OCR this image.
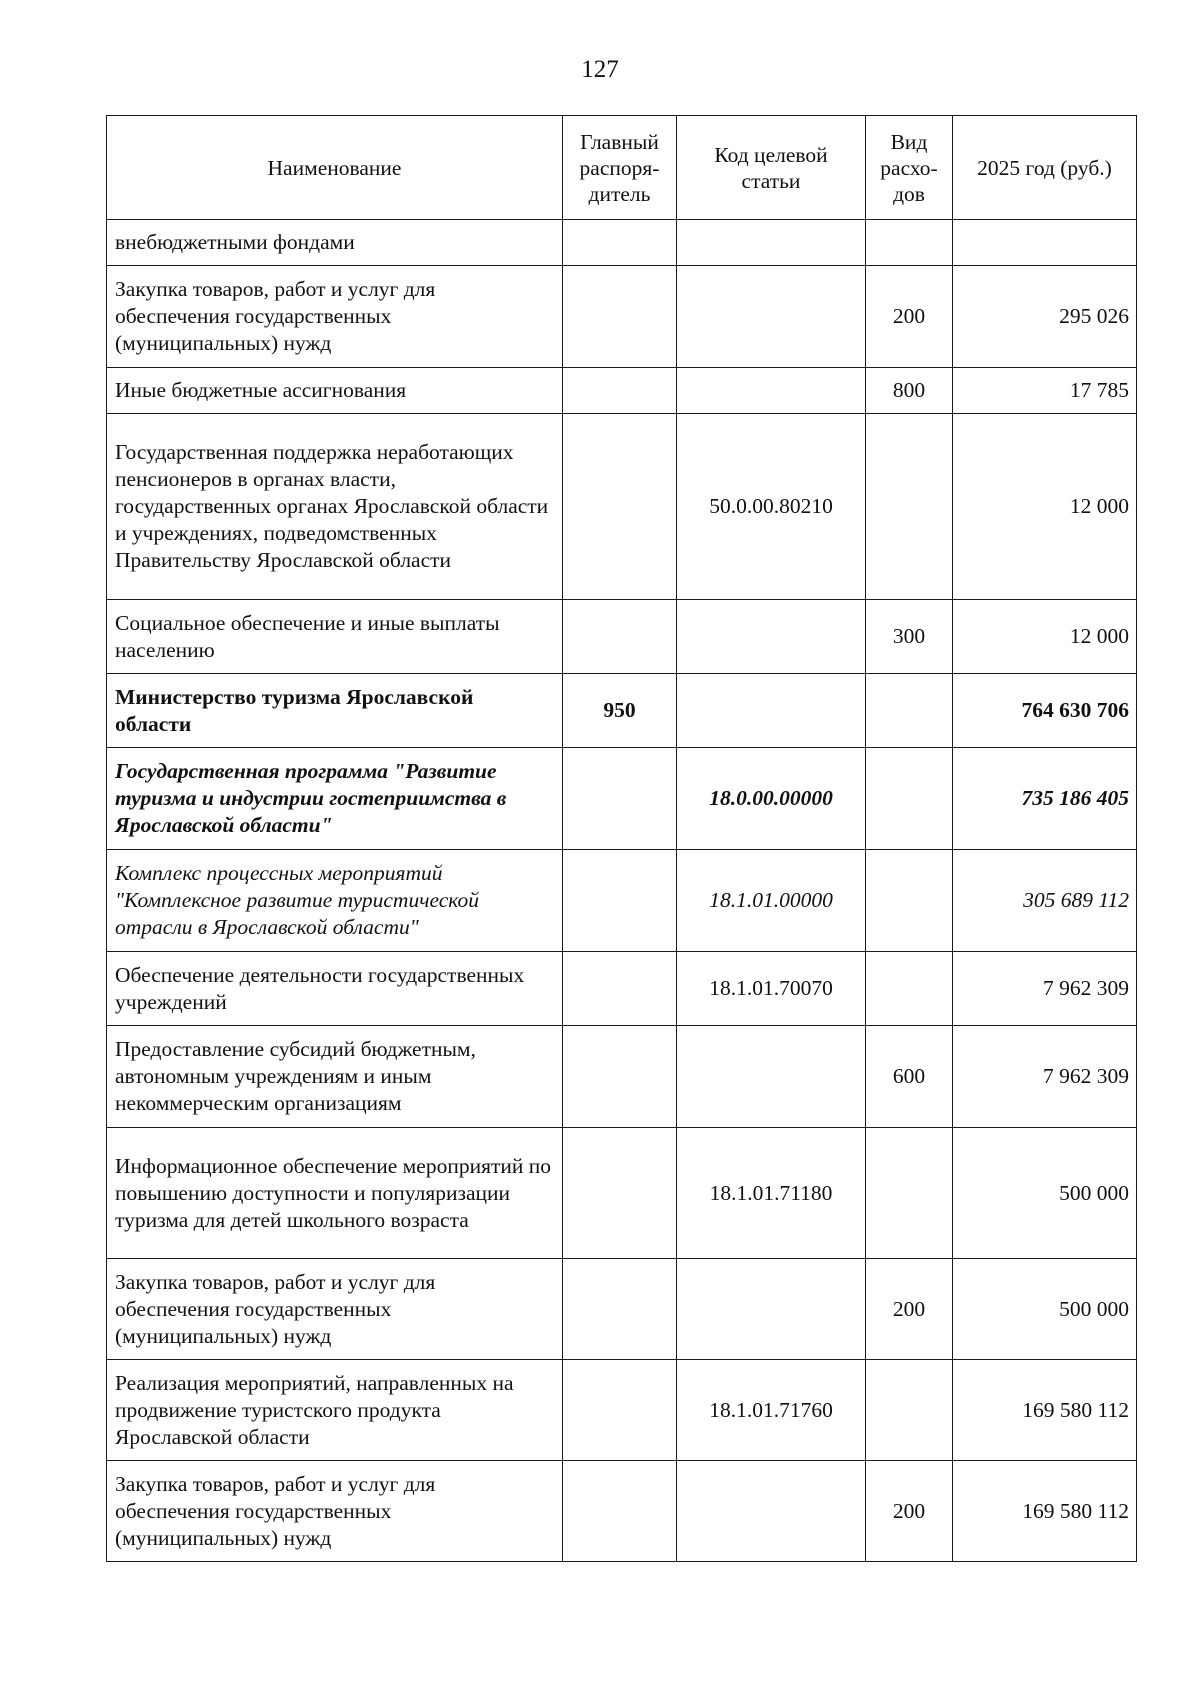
127
Наименование	Главный распоря-дитель	Код целевой статьи	Вид расхо-дов	2025 год (руб.)
внебюджетными фондами				
Закупка товаров, работ и услуг для обеспечения государственных (муниципальных) нужд			200	295 026
Иные бюджетные ассигнования			800	17 785
Государственная поддержка неработающих пенсионеров в органах власти, государственных органах Ярославской области и учреждениях, подведомственных Правительству Ярославской области		50.0.00.80210		12 000
Социальное обеспечение и иные выплаты населению			300	12 000
Министерство туризма Ярославской области	950			764 630 706
Государственная программа "Развитие туризма и индустрии гостеприимства в Ярославской области"		18.0.00.00000		735 186 405
Комплекс процессных мероприятий "Комплексное развитие туристической отрасли в Ярославской области"		18.1.01.00000		305 689 112
Обеспечение деятельности государственных учреждений		18.1.01.70070		7 962 309
Предоставление субсидий бюджетным, автономным учреждениям и иным некоммерческим организациям			600	7 962 309
Информационное обеспечение мероприятий по повышению доступности и популяризации туризма для детей школьного возраста		18.1.01.71180		500 000
Закупка товаров, работ и услуг для обеспечения государственных (муниципальных) нужд			200	500 000
Реализация мероприятий, направленных на продвижение туристского продукта Ярославской области		18.1.01.71760		169 580 112
Закупка товаров, работ и услуг для обеспечения государственных (муниципальных) нужд			200	169 580 112
